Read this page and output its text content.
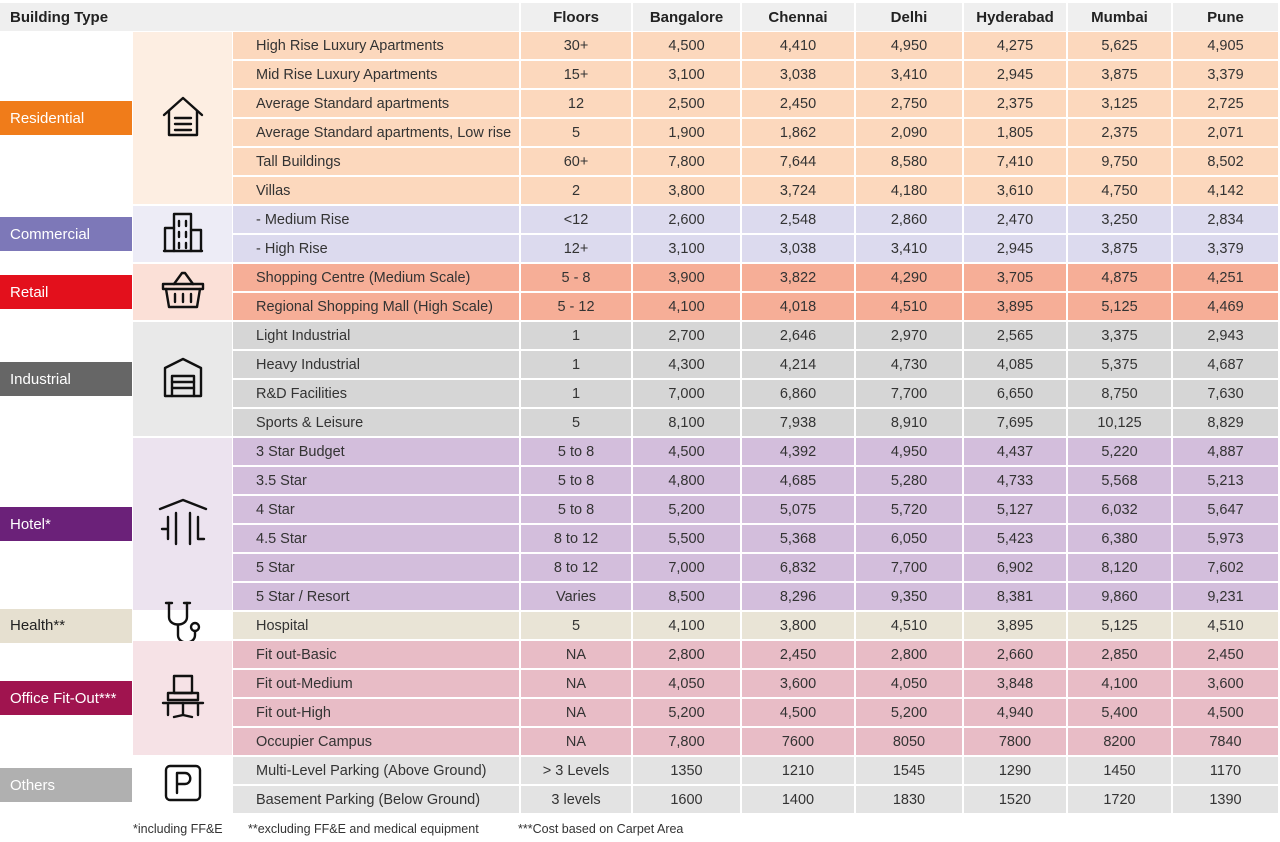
Building Type	Floors	Bangalore	Chennai	Delhi	Hyderabad	Mumbai	Pune
Residential
High Rise Luxury Apartments	30+	4,500	4,410	4,950	4,275	5,625	4,905
Mid Rise Luxury Apartments	15+	3,100	3,038	3,410	2,945	3,875	3,379
Average Standard apartments	12	2,500	2,450	2,750	2,375	3,125	2,725
Average Standard apartments, Low rise	5	1,900	1,862	2,090	1,805	2,375	2,071
Tall Buildings	60+	7,800	7,644	8,580	7,410	9,750	8,502
Villas	2	3,800	3,724	4,180	3,610	4,750	4,142
Commercial
- Medium Rise	<12	2,600	2,548	2,860	2,470	3,250	2,834
- High Rise	12+	3,100	3,038	3,410	2,945	3,875	3,379
Retail
Shopping Centre (Medium Scale)	5 - 8	3,900	3,822	4,290	3,705	4,875	4,251
Regional Shopping Mall (High Scale)	5 - 12	4,100	4,018	4,510	3,895	5,125	4,469
Industrial
Light Industrial	1	2,700	2,646	2,970	2,565	3,375	2,943
Heavy Industrial	1	4,300	4,214	4,730	4,085	5,375	4,687
R&D Facilities	1	7,000	6,860	7,700	6,650	8,750	7,630
Sports & Leisure	5	8,100	7,938	8,910	7,695	10,125	8,829
Hotel*
3 Star Budget	5 to 8	4,500	4,392	4,950	4,437	5,220	4,887
3.5 Star	5 to 8	4,800	4,685	5,280	4,733	5,568	5,213
4 Star	5 to 8	5,200	5,075	5,720	5,127	6,032	5,647
4.5 Star	8 to 12	5,500	5,368	6,050	5,423	6,380	5,973
5 Star	8 to 12	7,000	6,832	7,700	6,902	8,120	7,602
5 Star / Resort	Varies	8,500	8,296	9,350	8,381	9,860	9,231
Health**	Hospital	5	4,100	3,800	4,510	3,895	5,125	4,510
Office Fit-Out***
Fit out-Basic	NA	2,800	2,450	2,800	2,660	2,850	2,450
Fit out-Medium	NA	4,050	3,600	4,050	3,848	4,100	3,600
Fit out-High	NA	5,200	4,500	5,200	4,940	5,400	4,500
Occupier Campus	NA	7,800	7600	8050	7800	8200	7840
Others
Multi-Level Parking (Above Ground)	> 3 Levels	1350	1210	1545	1290	1450	1170
Basement Parking (Below Ground)	3 levels	1600	1400	1830	1520	1720	1390
*including FF&E **excluding FF&E and medical equipment	***Cost based on Carpet Area
